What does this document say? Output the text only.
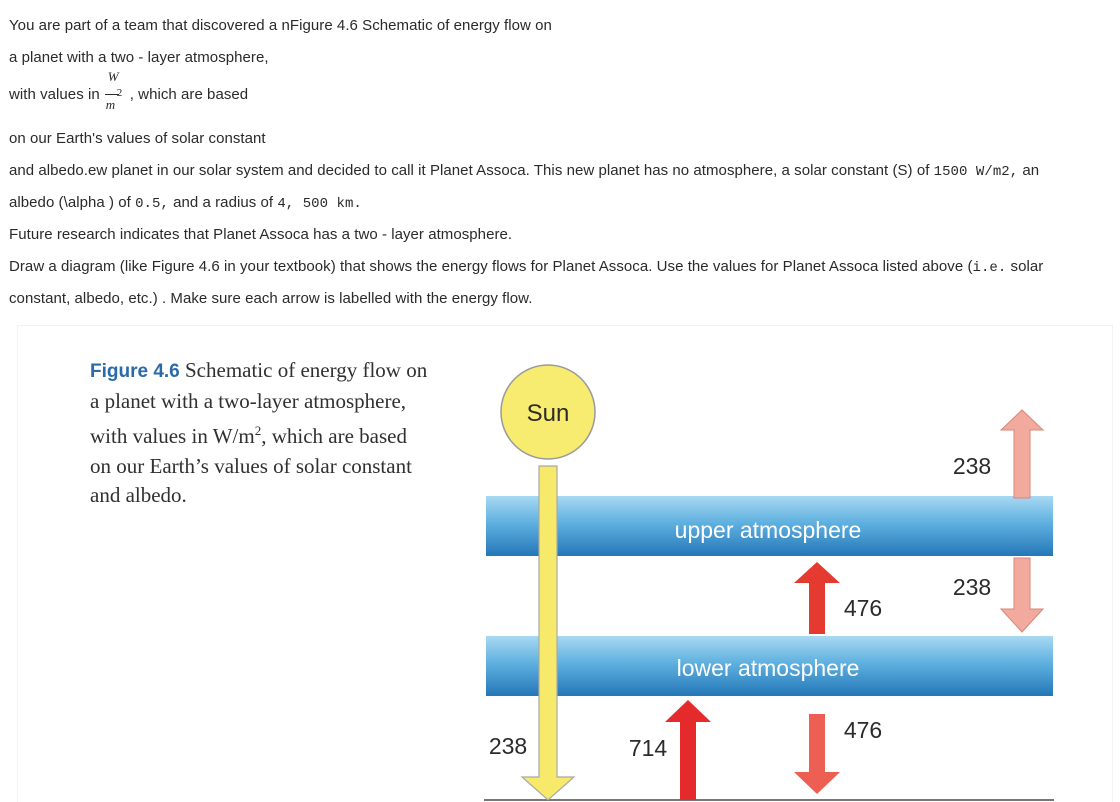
You are part of a team that discovered a nFigure 4.6 Schematic of energy flow on
a planet with a two - layer atmosphere,
with values in
W
m
2 , which are based
on our Earth's values of solar constant
and albedo.ew planet in our solar system and decided to call it Planet Assoca. This new planet has no atmosphere, a solar constant (S) of 1500 W/m2, an
albedo (\alpha ) of 0.5, and a radius of 4, 500 km.
Future research indicates that Planet Assoca has a two - layer atmosphere.
Draw a diagram (like Figure 4.6 in your textbook) that shows the energy flows for Planet Assoca. Use the values for Planet Assoca listed above (i.e. solar
constant, albedo, etc.) . Make sure each arrow is labelled with the energy flow.
Figure 4.6 Schematic of energy flow on
a planet with a two-layer atmosphere,
with values in $W/m^2$, which are based
on our Earth’s values of solar constant
and albedo.
upper atmosphere
lower atmosphere
Sun
238	714
476
476
238
238
